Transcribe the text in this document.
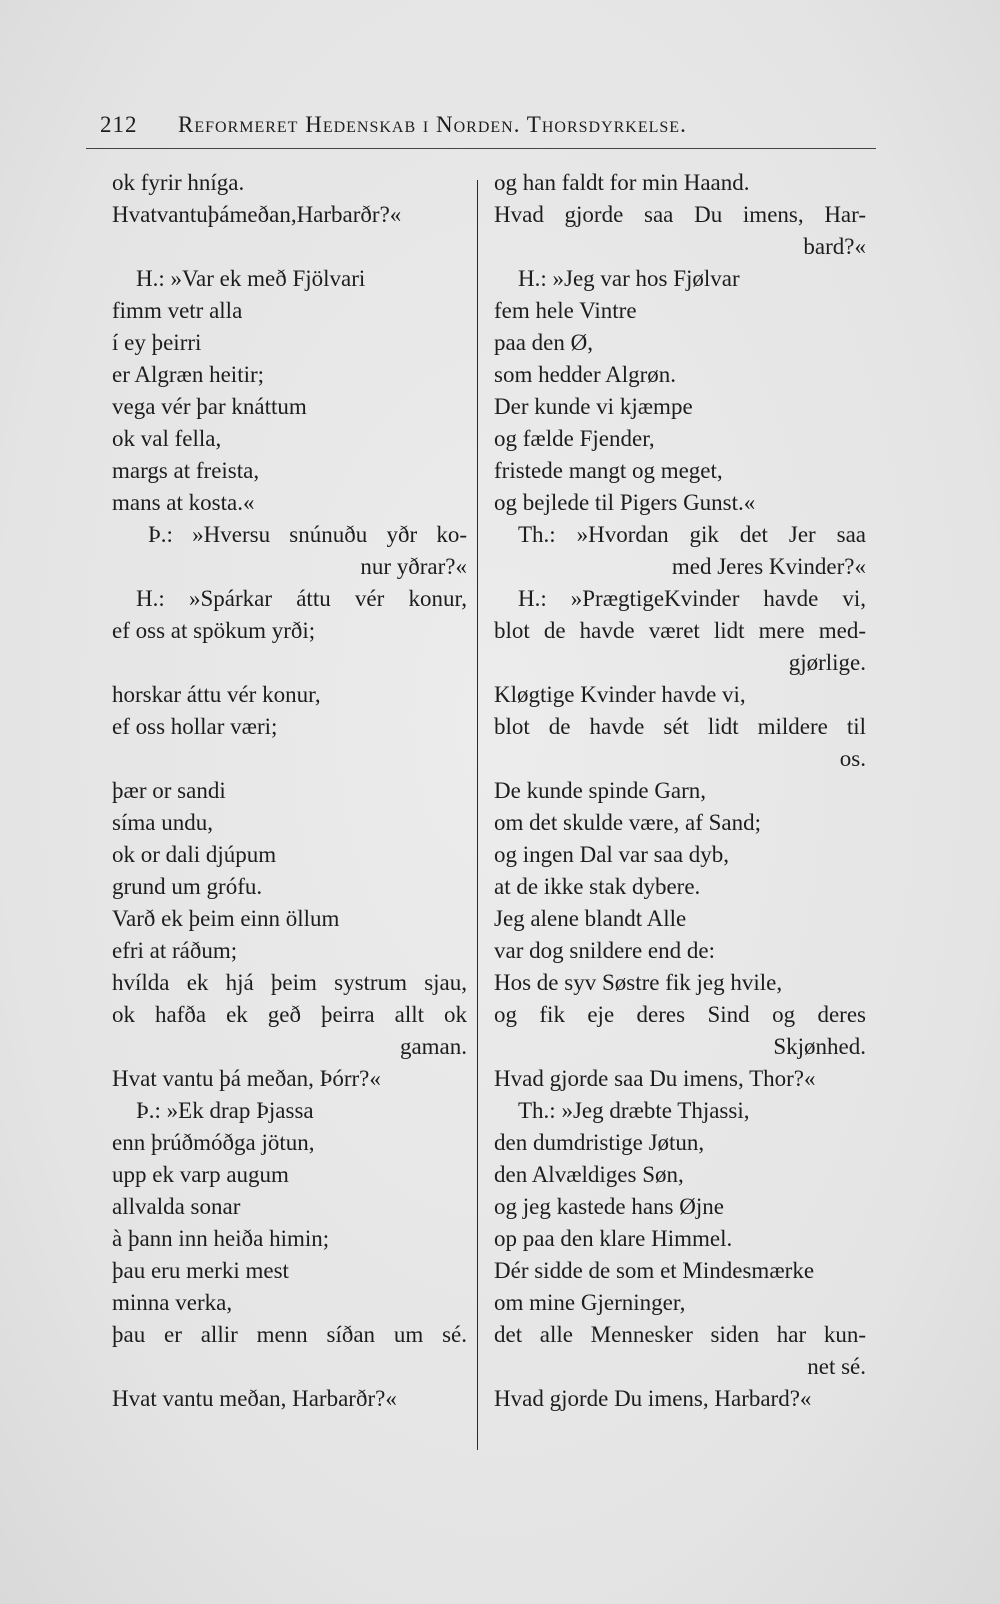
212 Reformeret Hedenskab i Norden. Thorsdyrkelse.
ok fyrir hníga.
Hvatvantuþámeðan,Harbarðr?«
H.: »Var ek með Fjölvari
fimm vetr alla
í ey þeirri
er Algræn heitir;
vega vér þar knáttum
ok val fella,
margs at freista,
mans at kosta.«
Þ.: »Hversu snúnuðu yðr ko-
nur yðrar?«
H.: »Spárkar áttu vér konur,
ef oss at spökum yrði;
horskar áttu vér konur,
ef oss hollar væri;
þær or sandi
síma undu,
ok or dali djúpum
grund um grófu.
Varð ek þeim einn öllum
efri at ráðum;
hvílda ek hjá þeim systrum sjau,
ok hafða ek geð þeirra allt ok
gaman.
Hvat vantu þá meðan, Þórr?«
Þ.: »Ek drap Þjassa
enn þrúðmóðga jötun,
upp ek varp augum
allvalda sonar
à þann inn heiða himin;
þau eru merki mest
minna verka,
þau er allir menn síðan um sé.
Hvat vantu meðan, Harbarðr?«
og han faldt for min Haand.
Hvad gjorde saa Du imens, Har-
bard?«
H.: »Jeg var hos Fjølvar
fem hele Vintre
paa den Ø,
som hedder Algrøn.
Der kunde vi kjæmpe
og fælde Fjender,
fristede mangt og meget,
og bejlede til Pigers Gunst.«
Th.: »Hvordan gik det Jer saa
med Jeres Kvinder?«
H.: »PrægtigeKvinder havde vi,
blot de havde været lidt mere med-
gjørlige.
Kløgtige Kvinder havde vi,
blot de havde sét lidt mildere til
os.
De kunde spinde Garn,
om det skulde være, af Sand;
og ingen Dal var saa dyb,
at de ikke stak dybere.
Jeg alene blandt Alle
var dog snildere end de:
Hos de syv Søstre fik jeg hvile,
og fik eje deres Sind og deres
Skjønhed.
Hvad gjorde saa Du imens, Thor?«
Th.: »Jeg dræbte Thjassi,
den dumdristige Jøtun,
den Alvældiges Søn,
og jeg kastede hans Øjne
op paa den klare Himmel.
Dér sidde de som et Mindesmærke
om mine Gjerninger,
det alle Mennesker siden har kun-
net sé.
Hvad gjorde Du imens, Harbard?«
